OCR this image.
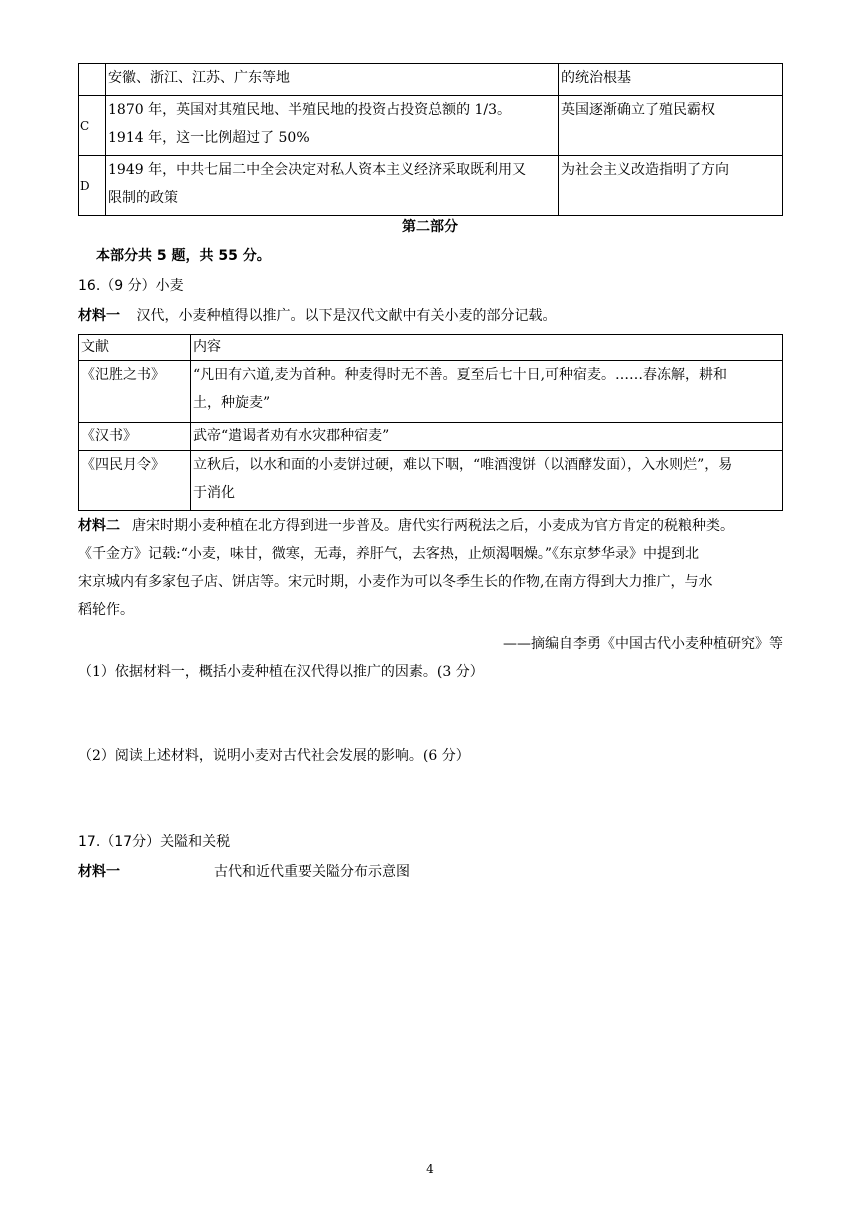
	安徽、浙江、江苏、广东等地	的统治根基
C	1870 年，英国对其殖民地、半殖民地的投资占投资总额的 1/3。
1914 年，这一比例超过了 50%	英国逐渐确立了殖民霸权
D	1949 年，中共七届二中全会决定对私人资本主义经济采取既利用又
限制的政策	为社会主义改造指明了方向
第二部分
本部分共 5 题，共 55 分。
16.（9 分）小麦
材料一 汉代，小麦种植得以推广。以下是汉代文献中有关小麦的部分记载。
文献	内容
《氾胜之书》	“凡田有六道,麦为首种。种麦得时无不善。夏至后七十日,可种宿麦。……春冻解，耕和
土，种旋麦”

《汉书》	武帝“遣谒者劝有水灾郡种宿麦”

《四民月令》	立秋后，以水和面的小麦饼过硬，难以下咽，“唯酒溲饼（以酒酵发面），入水则烂”，易
于消化
材料二 唐宋时期小麦种植在北方得到进一步普及。唐代实行两税法之后，小麦成为官方肯定的税粮种类。
《千金方》记载:“小麦，味甘，微寒，无毒，养肝气，去客热，止烦渴咽燥。”《东京梦华录》中提到北
宋京城内有多家包子店、饼店等。宋元时期，小麦作为可以冬季生长的作物,在南方得到大力推广，与水
稻轮作。
——摘编自李勇《中国古代小麦种植研究》等
（1）依据材料一，概括小麦种植在汉代得以推广的因素。(3 分）
（2）阅读上述材料，说明小麦对古代社会发展的影响。(6 分）
17.（17分）关隘和关税
材料一	古代和近代重要关隘分布示意图
4
